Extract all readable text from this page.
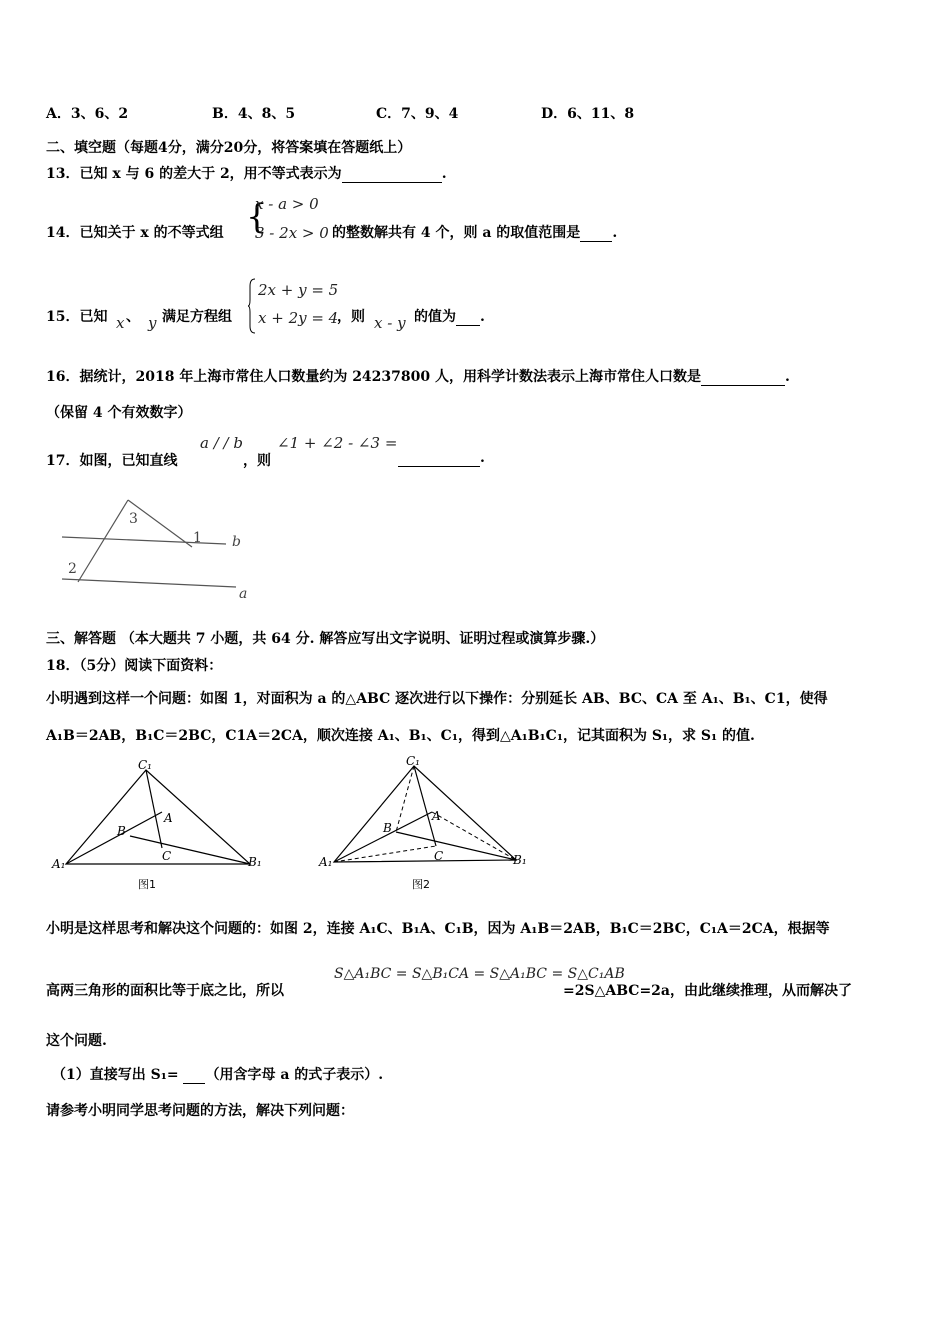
A．3、6、2	B．4、8、5	C．7、9、4	D．6、11、8
二、填空题（每题4分，满分20分，将答案填在答题纸上）
13．已知 x 与 6 的差大于 2，用不等式表示为	.
14．已知关于 x 的不等式组 {
x - a > 0
3 - 2x > 0 的整数解共有 4 个，则 a 的取值范围是 .
15．已知 x 、 y 满足方程组
2x + y = 5
x + 2y = 4
，则 x - y 的值为 .
16．据统计，2018 年上海市常住人口数量约为 24237800 人，用科学计数法表示上海市常住人口数是	.
（保留 4 个有效数字）
17．如图，已知直线
a / / b
，则
∠1 + ∠2 - ∠3 =
.
3
1 b
2
a
三、解答题 （本大题共 7 小题，共 64 分. 解答应写出文字说明、证明过程或演算步骤.）
18．（5分）阅读下面资料：
小明遇到这样一个问题：如图 1，对面积为 a 的△ABC 逐次进行以下操作：分别延长 AB、BC、CA 至 A₁、B₁、C1，使得
A₁B＝2AB，B₁C＝2BC，C1A＝2CA，顺次连接 A₁、B₁、C₁，得到△A₁B₁C₁，记其面积为 S₁，求 S₁ 的值.
C₁
B
A
C
A₁	B₁
图1
C₁
B
A
C
A₁	B₁
图2
小明是这样思考和解决这个问题的：如图 2，连接 A₁C、B₁A、C₁B，因为 A₁B＝2AB，B₁C＝2BC，C₁A＝2CA，根据等
高两三角形的面积比等于底之比，所以
S△A₁BC = S△B₁CA = S△A₁BC = S△C₁AB
=2S△ABC=2a，由此继续推理，从而解决了
这个问题.
（1）直接写出 S₁= （用含字母 a 的式子表示）.
请参考小明同学思考问题的方法，解决下列问题：
